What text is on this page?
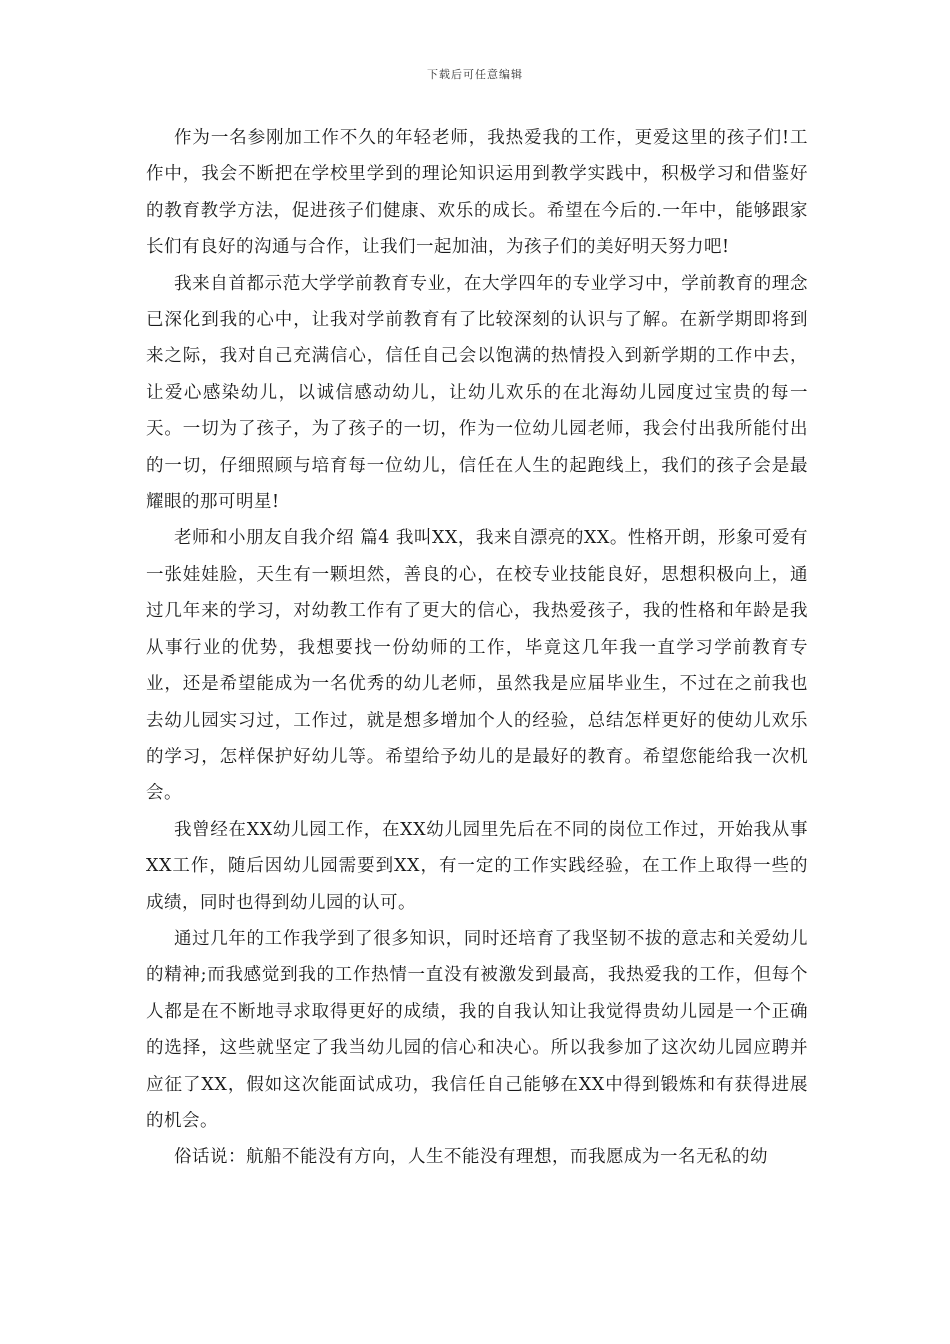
下载后可任意编辑

作为一名参刚加工作不久的年轻老师，我热爱我的工作，更爱这里的孩子们!工作中，我会不断把在学校里学到的理论知识运用到教学实践中，积极学习和借鉴好的教育教学方法，促进孩子们健康、欢乐的成长。希望在今后的.一年中，能够跟家长们有良好的沟通与合作，让我们一起加油，为孩子们的美好明天努力吧!

我来自首都示范大学学前教育专业，在大学四年的专业学习中，学前教育的理念已深化到我的心中，让我对学前教育有了比较深刻的认识与了解。在新学期即将到来之际，我对自己充满信心，信任自己会以饱满的热情投入到新学期的工作中去，让爱心感染幼儿，以诚信感动幼儿，让幼儿欢乐的在北海幼儿园度过宝贵的每一天。一切为了孩子，为了孩子的一切，作为一位幼儿园老师，我会付出我所能付出的一切，仔细照顾与培育每一位幼儿，信任在人生的起跑线上，我们的孩子会是最耀眼的那可明星!

老师和小朋友自我介绍 篇4 我叫XX，我来自漂亮的XX。性格开朗，形象可爱有一张娃娃脸，天生有一颗坦然，善良的心，在校专业技能良好，思想积极向上，通过几年来的学习，对幼教工作有了更大的信心，我热爱孩子，我的性格和年龄是我从事行业的优势，我想要找一份幼师的工作，毕竟这几年我一直学习学前教育专业，还是希望能成为一名优秀的幼儿老师，虽然我是应届毕业生，不过在之前我也去幼儿园实习过，工作过，就是想多增加个人的经验，总结怎样更好的使幼儿欢乐的学习，怎样保护好幼儿等。希望给予幼儿的是最好的教育。希望您能给我一次机会。

我曾经在XX幼儿园工作，在XX幼儿园里先后在不同的岗位工作过，开始我从事XX工作，随后因幼儿园需要到XX，有一定的工作实践经验，在工作上取得一些的成绩，同时也得到幼儿园的认可。

通过几年的工作我学到了很多知识，同时还培育了我坚韧不拔的意志和关爱幼儿的精神;而我感觉到我的工作热情一直没有被激发到最高，我热爱我的工作，但每个人都是在不断地寻求取得更好的成绩，我的自我认知让我觉得贵幼儿园是一个正确的选择，这些就坚定了我当幼儿园的信心和决心。所以我参加了这次幼儿园应聘并应征了XX，假如这次能面试成功，我信任自己能够在XX中得到锻炼和有获得进展的机会。

俗话说：航船不能没有方向，人生不能没有理想，而我愿成为一名无私的幼
